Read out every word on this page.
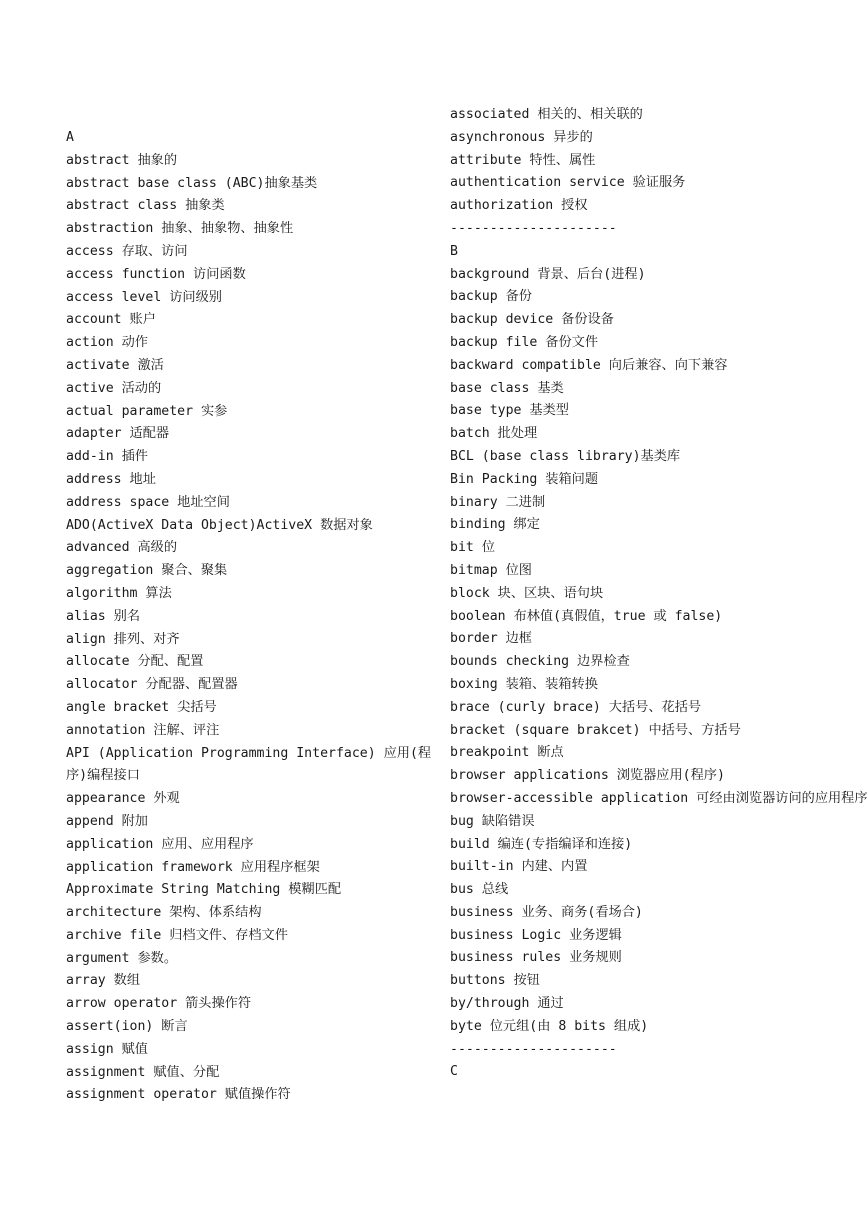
A
abstract 抽象的
abstract base class (ABC)抽象基类
abstract class 抽象类
abstraction 抽象、抽象物、抽象性
access 存取、访问
access function 访问函数
access level 访问级别
account 账户
action 动作
activate 激活
active 活动的
actual parameter 实参
adapter 适配器
add-in 插件
address 地址
address space 地址空间
ADO(ActiveX Data Object)ActiveX 数据对象
advanced 高级的
aggregation 聚合、聚集
algorithm 算法
alias 别名
align 排列、对齐
allocate 分配、配置
allocator 分配器、配置器
angle bracket 尖括号
annotation 注解、评注
API (Application Programming Interface) 应用(程序)编程接口
appearance 外观
append 附加
application 应用、应用程序
application framework 应用程序框架
Approximate String Matching 模糊匹配
architecture 架构、体系结构
archive file 归档文件、存档文件
argument 参数。
array 数组
arrow operator 箭头操作符
assert(ion) 断言
assign 赋值
assignment 赋值、分配
assignment operator 赋值操作符
associated 相关的、相关联的
asynchronous 异步的
attribute 特性、属性
authentication service 验证服务
authorization 授权
---------------------
B
background 背景、后台(进程)
backup 备份
backup device 备份设备
backup file 备份文件
backward compatible 向后兼容、向下兼容
base class 基类
base type 基类型
batch 批处理
BCL (base class library)基类库
Bin Packing 装箱问题
binary 二进制
binding 绑定
bit 位
bitmap 位图
block 块、区块、语句块
boolean 布林值(真假值，true 或 false)
border 边框
bounds checking 边界检查
boxing 装箱、装箱转换
brace (curly brace) 大括号、花括号
bracket (square brakcet) 中括号、方括号
breakpoint 断点
browser applications 浏览器应用(程序)
browser-accessible application 可经由浏览器访问的应用程序
bug 缺陷错误
build 编连(专指编译和连接)
built-in 内建、内置
bus 总线
business 业务、商务(看场合)
business Logic 业务逻辑
business rules 业务规则
buttons 按钮
by/through 通过
byte 位元组(由 8 bits 组成)
---------------------
C
